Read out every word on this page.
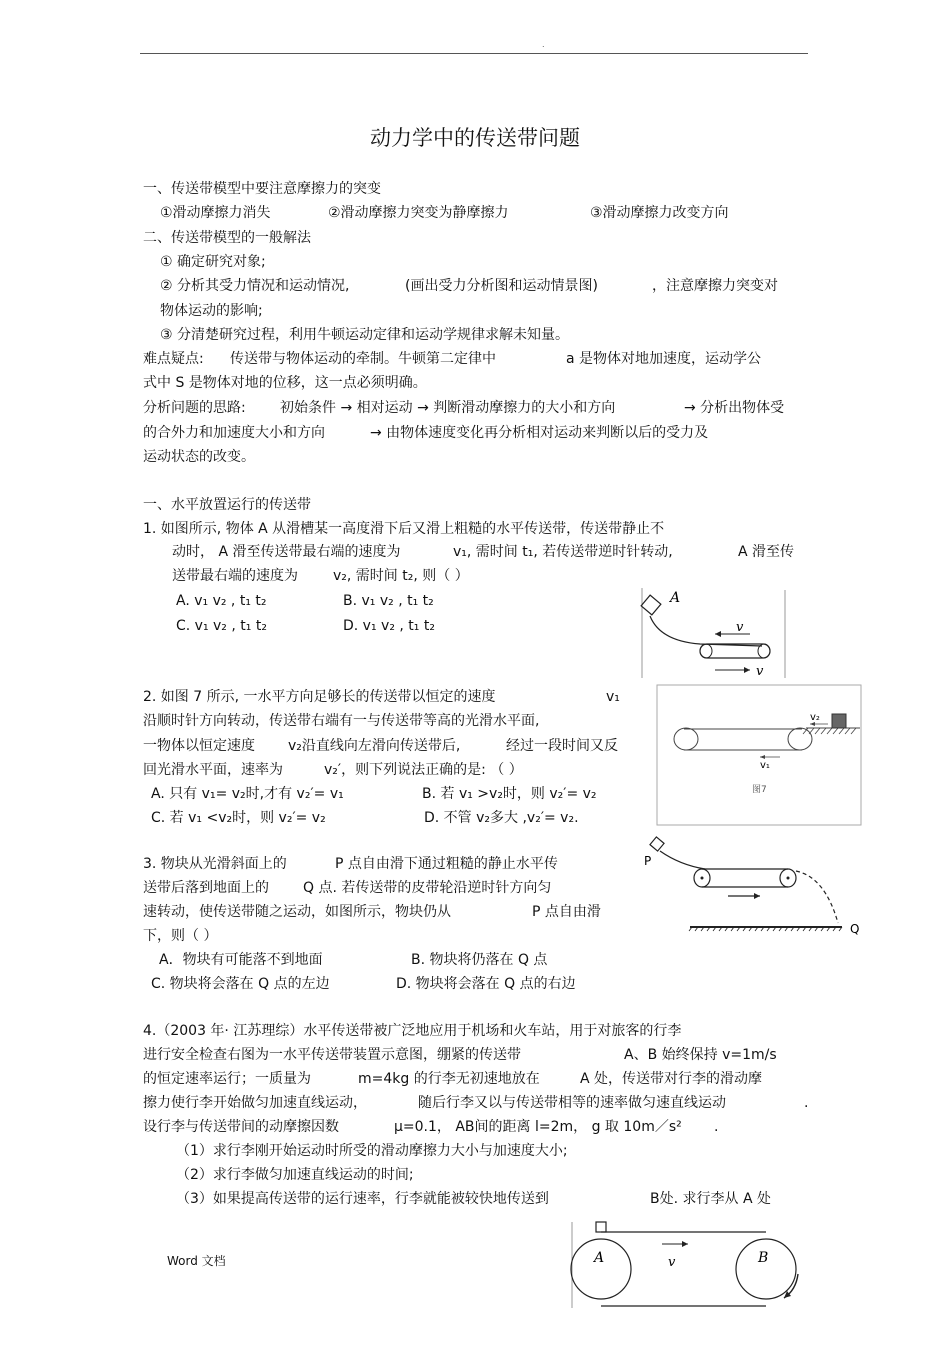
.
动力学中的传送带问题
一、传送带模型中要注意摩擦力的突变
①滑动摩擦力消失	②滑动摩擦力突变为静摩擦力	③滑动摩擦力改变方向
二、传送带模型的一般解法
① 确定研究对象;
② 分析其受力情况和运动情况,	(画出受力分析图和运动情景图)	，注意摩擦力突变对
物体运动的影响;
③ 分清楚研究过程，利用牛顿运动定律和运动学规律求解未知量。
难点疑点: 传送带与物体运动的牵制。牛顿第二定律中	a 是物体对地加速度，运动学公
式中 S 是物体对地的位移，这一点必须明确。
分析问题的思路: 初始条件 → 相对运动 → 判断滑动摩擦力的大小和方向	→ 分析出物体受
的合外力和加速度大小和方向	→ 由物体速度变化再分析相对运动来判断以后的受力及
运动状态的改变。
一、水平放置运行的传送带
1. 如图所示, 物体 A 从滑槽某一高度滑下后又滑上粗糙的水平传送带，传送带静止不
动时， A 滑至传送带最右端的速度为	v₁, 需时间 t₁, 若传送带逆时针转动,	A 滑至传
送带最右端的速度为	v₂, 需时间 t₂, 则（ ）
A. v₁ v₂ , t₁ t₂	B. v₁ v₂ , t₁ t₂
C. v₁ v₂ , t₁ t₂	D. v₁ v₂ , t₁ t₂
A
v
v
2. 如图 7 所示, 一水平方向足够长的传送带以恒定的速度	v₁
沿顺时针方向转动，传送带右端有一与传送带等高的光滑水平面,
一物体以恒定速度 v₂沿直线向左滑向传送带后,	经过一段时间又反
回光滑水平面，速率为	v₂′，则下列说法正确的是: （ ）
A. 只有 v₁= v₂时,才有 v₂′= v₁	B. 若 v₁ >v₂时，则 v₂′= v₂
C. 若 v₁ <v₂时，则 v₂′= v₂	D. 不管 v₂多大 ,v₂′= v₂.
v₂
v₁
图7
3. 物块从光滑斜面上的	P 点自由滑下通过粗糙的静止水平传
送带后落到地面上的 Q 点. 若传送带的皮带轮沿逆时针方向匀
速转动，使传送带随之运动，如图所示，物块仍从	P 点自由滑
下，则（ ）
A．物块有可能落不到地面	B. 物块将仍落在 Q 点
C. 物块将会落在 Q 点的左边	D. 物块将会落在 Q 点的右边
P
Q
4.（2003 年· 江苏理综）水平传送带被广泛地应用于机场和火车站，用于对旅客的行李
进行安全检查右图为一水平传送带装置示意图，绷紧的传送带	A、B 始终保持 v=1m/s
的恒定速率运行；一质量为	m=4kg 的行李无初速地放在	A 处，传送带对行李的滑动摩
擦力使行李开始做匀加速直线运动，	随后行李又以与传送带相等的速率做匀速直线运动	.
设行李与传送带间的动摩擦因数	μ=0.1， AB间的距离 l=2m， g 取 10m／s² .
（1）求行李刚开始运动时所受的滑动摩擦力大小与加速度大小;
（2）求行李做匀加速直线运动的时间;
（3）如果提高传送带的运行速率，行李就能被较快地传送到	B处. 求行李从 A 处
A	B
v
Word 文档
